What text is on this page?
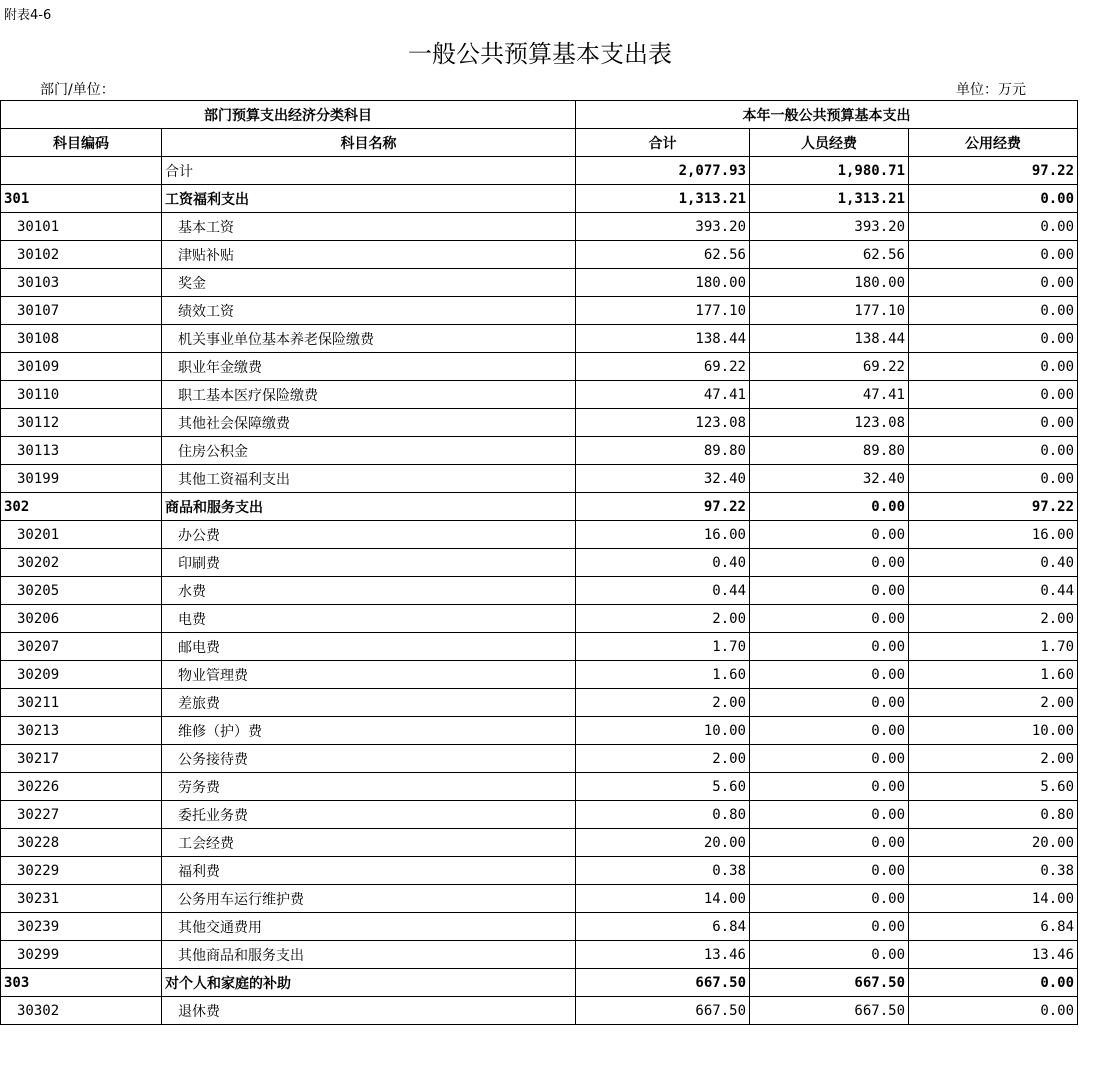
附表4-6
一般公共预算基本支出表
部门/单位：	单位：万元
部门预算支出经济分类科目		本年一般公共预算基本支出		
科目编码	科目名称	合计	人员经费	公用经费
	合计	2,077.93	1,980.71	97.22
301	工资福利支出	1,313.21	1,313.21	0.00
30101	基本工资	393.20	393.20	0.00
30102	津贴补贴	62.56	62.56	0.00
30103	奖金	180.00	180.00	0.00
30107	绩效工资	177.10	177.10	0.00
30108	机关事业单位基本养老保险缴费	138.44	138.44	0.00
30109	职业年金缴费	69.22	69.22	0.00
30110	职工基本医疗保险缴费	47.41	47.41	0.00
30112	其他社会保障缴费	123.08	123.08	0.00
30113	住房公积金	89.80	89.80	0.00
30199	其他工资福利支出	32.40	32.40	0.00
302	商品和服务支出	97.22	0.00	97.22
30201	办公费	16.00	0.00	16.00
30202	印刷费	0.40	0.00	0.40
30205	水费	0.44	0.00	0.44
30206	电费	2.00	0.00	2.00
30207	邮电费	1.70	0.00	1.70
30209	物业管理费	1.60	0.00	1.60
30211	差旅费	2.00	0.00	2.00
30213	维修（护）费	10.00	0.00	10.00
30217	公务接待费	2.00	0.00	2.00
30226	劳务费	5.60	0.00	5.60
30227	委托业务费	0.80	0.00	0.80
30228	工会经费	20.00	0.00	20.00
30229	福利费	0.38	0.00	0.38
30231	公务用车运行维护费	14.00	0.00	14.00
30239	其他交通费用	6.84	0.00	6.84
30299	其他商品和服务支出	13.46	0.00	13.46
303	对个人和家庭的补助	667.50	667.50	0.00
30302	退休费	667.50	667.50	0.00
